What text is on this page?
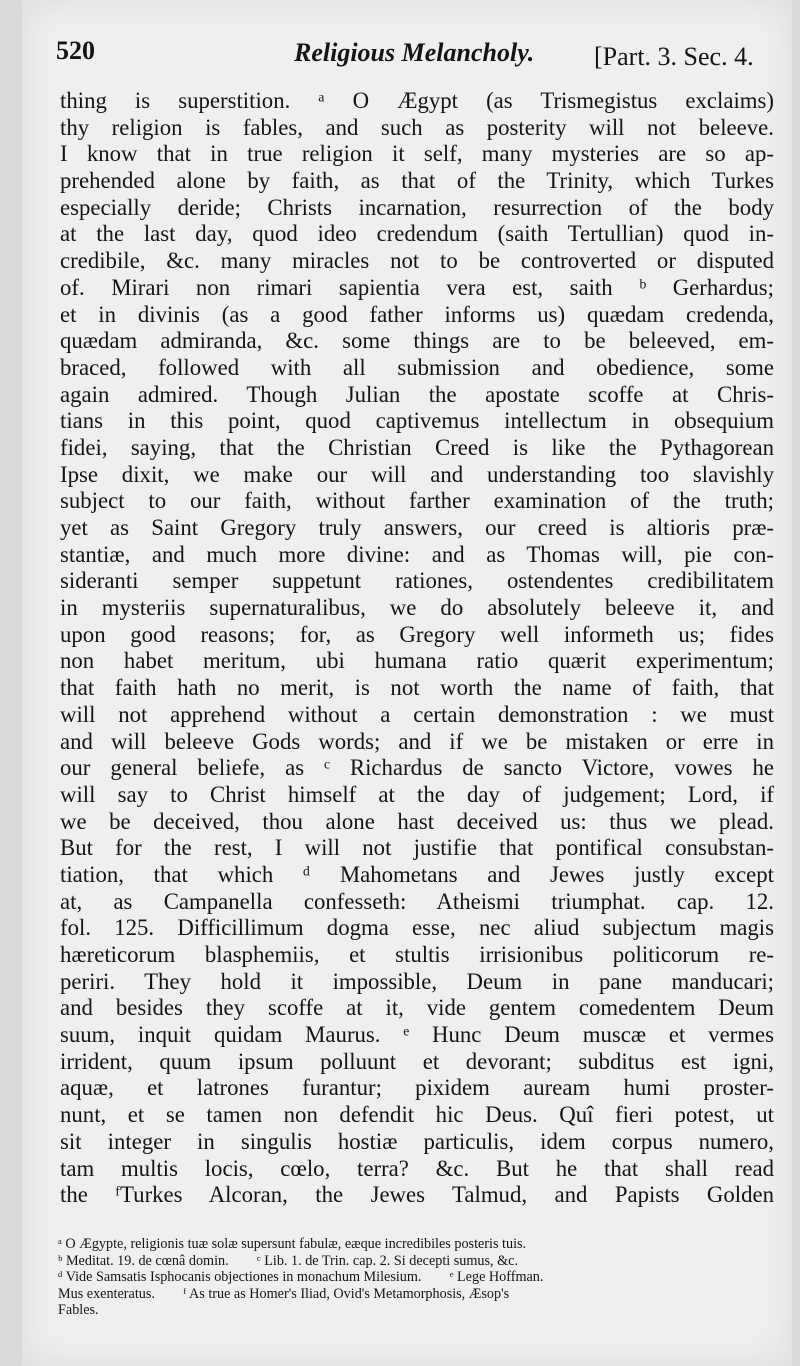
520	Religious Melancholy. [Part. 3. Sec. 4.
thing is superstition. ᵃ O Ægypt (as Trismegistus exclaims)
thy religion is fables, and such as posterity will not beleeve.
I know that in true religion it self, many mysteries are so ap-
prehended alone by faith, as that of the Trinity, which Turkes
especially deride; Christs incarnation, resurrection of the body
at the last day, quod ideo credendum (saith Tertullian) quod in-
credibile, &c. many miracles not to be controverted or disputed
of. Mirari non rimari sapientia vera est, saith ᵇ Gerhardus;
et in divinis (as a good father informs us) quædam credenda,
quædam admiranda, &c. some things are to be beleeved, em-
braced, followed with all submission and obedience, some
again admired. Though Julian the apostate scoffe at Chris-
tians in this point, quod captivemus intellectum in obsequium
fidei, saying, that the Christian Creed is like the Pythagorean
Ipse dixit, we make our will and understanding too slavishly
subject to our faith, without farther examination of the truth;
yet as Saint Gregory truly answers, our creed is altioris præ-
stantiæ, and much more divine: and as Thomas will, pie con-
sideranti semper suppetunt rationes, ostendentes credibilitatem
in mysteriis supernaturalibus, we do absolutely beleeve it, and
upon good reasons; for, as Gregory well informeth us; fides
non habet meritum, ubi humana ratio quærit experimentum;
that faith hath no merit, is not worth the name of faith, that
will not apprehend without a certain demonstration : we must
and will beleeve Gods words; and if we be mistaken or erre in
our general beliefe, as ᶜ Richardus de sancto Victore, vowes he
will say to Christ himself at the day of judgement; Lord, if
we be deceived, thou alone hast deceived us: thus we plead.
But for the rest, I will not justifie that pontifical consubstan-
tiation, that which ᵈ Mahometans and Jewes justly except
at, as Campanella confesseth: Atheismi triumphat. cap. 12.
fol. 125. Difficillimum dogma esse, nec aliud subjectum magis
hæreticorum blasphemiis, et stultis irrisionibus politicorum re-
periri. They hold it impossible, Deum in pane manducari;
and besides they scoffe at it, vide gentem comedentem Deum
suum, inquit quidam Maurus. ᵉ Hunc Deum muscæ et vermes
irrident, quum ipsum polluunt et devorant; subditus est igni,
aquæ, et latrones furantur; pixidem auream humi proster-
nunt, et se tamen non defendit hic Deus. Quî fieri potest, ut
sit integer in singulis hostiæ particulis, idem corpus numero,
tam multis locis, cœlo, terra? &c. But he that shall read
the ᶠTurkes Alcoran, the Jewes Talmud, and Papists Golden
ᵃ O Ægypte, religionis tuæ solæ supersunt fabulæ, eæque incredibiles posteris tuis.
ᵇ Meditat. 19. de cœnâ domin.        ᶜ Lib. 1. de Trin. cap. 2. Si decepti sumus, &c.
ᵈ Vide Samsatis Isphocanis objectiones in monachum Milesium.        ᵉ Lege Hoffman.
Mus exenteratus.        ᶠ As true as Homer's Iliad, Ovid's Metamorphosis, Æsop's
Fables.
